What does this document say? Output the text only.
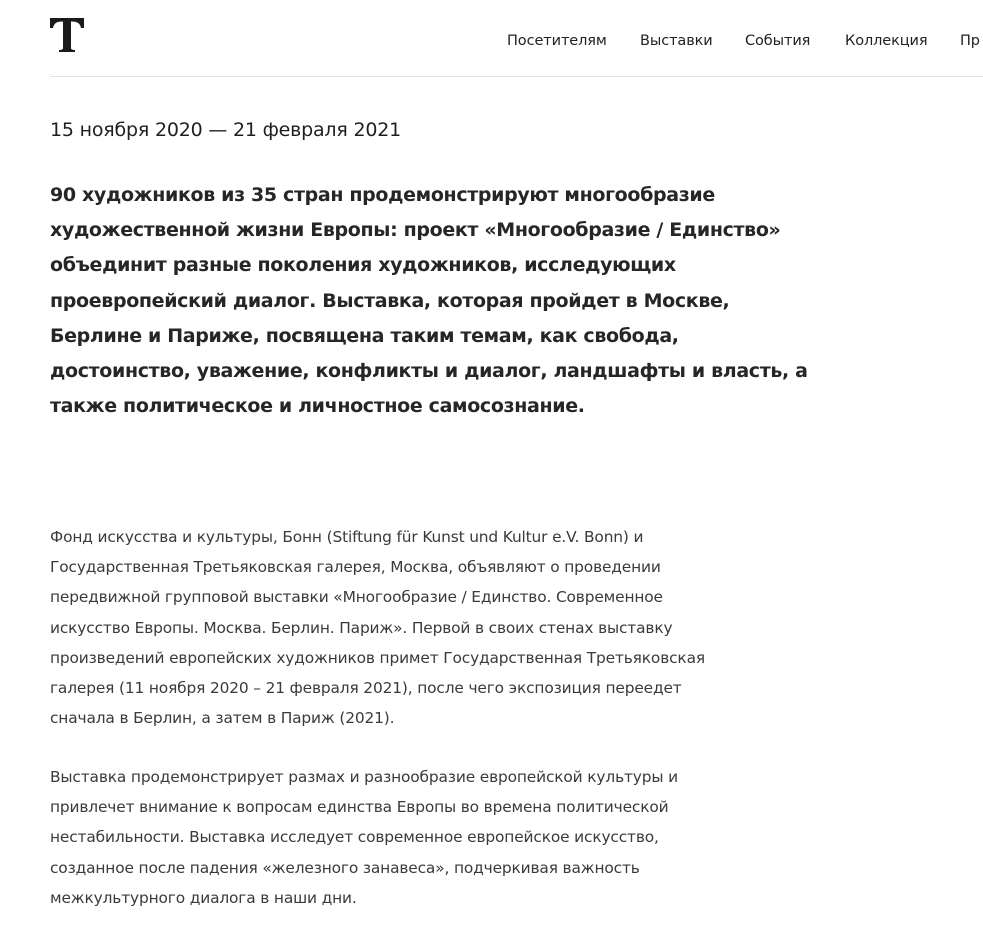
Посетителям Выставки События Коллекция Пр
15 ноября 2020 — 21 февраля 2021
90 художников из 35 стран продемонстрируют многообразие
художественной жизни Европы: проект «Многообразие / Единство»
объединит разные поколения художников, исследующих
проевропейский диалог. Выставка, которая пройдет в Москве,
Берлине и Париже, посвящена таким темам, как свобода,
достоинство, уважение, конфликты и диалог, ландшафты и власть, а
также политическое и личностное самосознание.
Фонд искусства и культуры, Бонн (Stiftung für Kunst und Kultur e.V. Bonn) и
Государственная Третьяковская галерея, Москва, объявляют о проведении
передвижной групповой выставки «Многообразие / Единство. Современное
искусство Европы. Москва. Берлин. Париж». Первой в своих стенах выставку
произведений европейских художников примет Государственная Третьяковская
галерея (11 ноября 2020 – 21 февраля 2021), после чего экспозиция переедет
сначала в Берлин, а затем в Париж (2021).
Выставка продемонстрирует размах и разнообразие европейской культуры и
привлечет внимание к вопросам единства Европы во времена политической
нестабильности. Выставка исследует современное европейское искусство,
созданное после падения «железного занавеса», подчеркивая важность
межкультурного диалога в наши дни.
